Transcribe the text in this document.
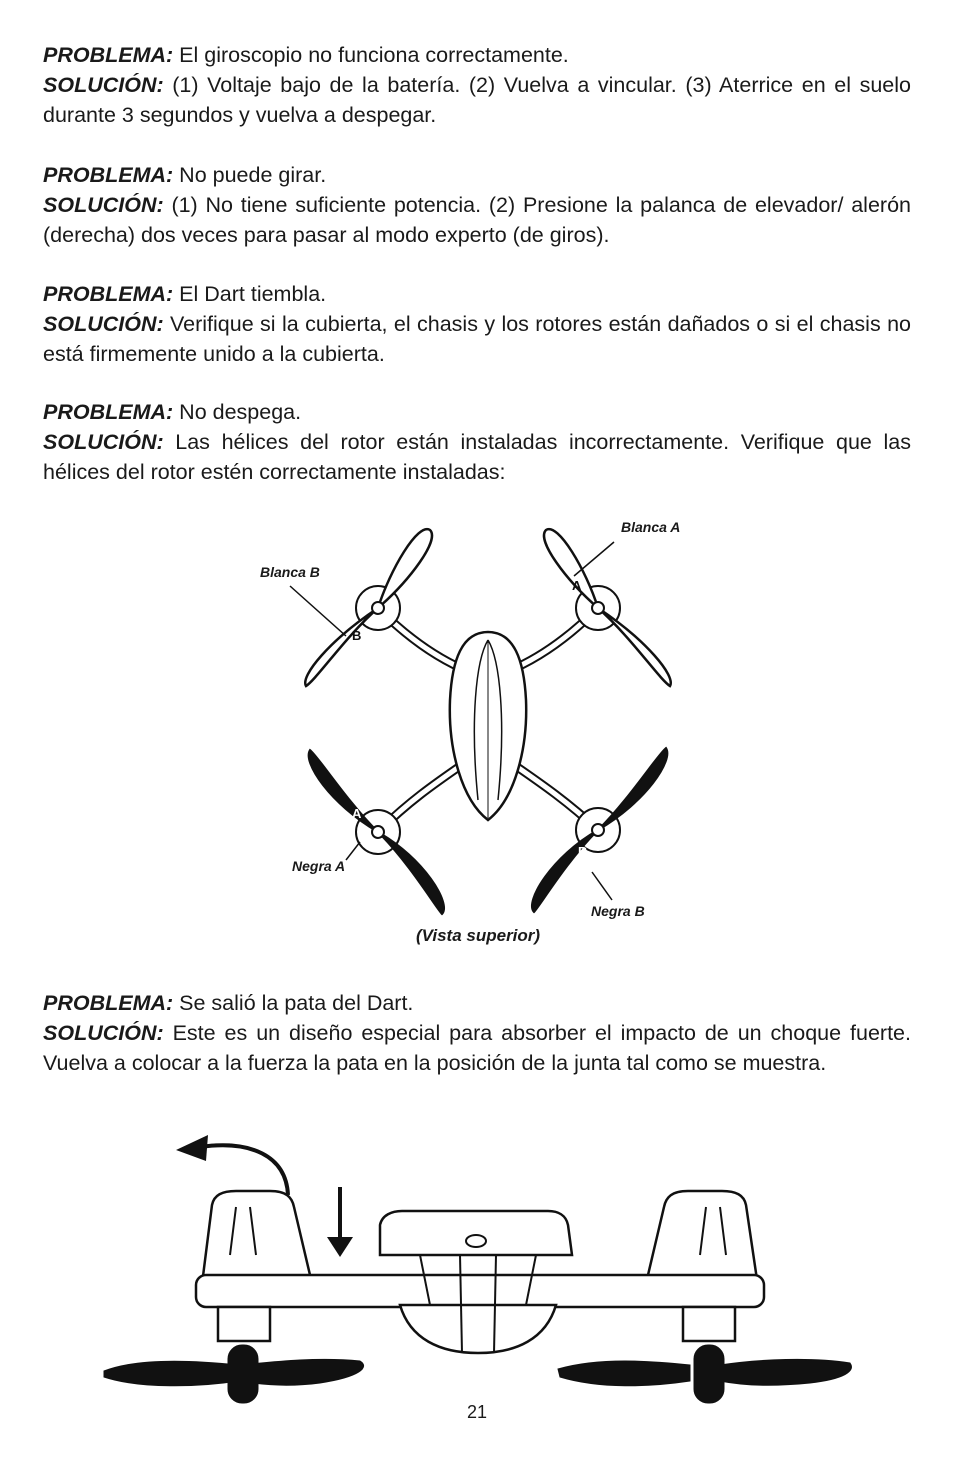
PROBLEMA: El giroscopio no funciona correctamente.
SOLUCIÓN: (1) Voltaje bajo de la batería. (2) Vuelva a vincular. (3) Aterrice en el suelo durante 3 segundos y vuelva a despegar.
PROBLEMA: No puede girar.
SOLUCIÓN: (1) No tiene suficiente potencia. (2) Presione la palanca de elevador/ alerón (derecha) dos veces para pasar al modo experto (de giros).
PROBLEMA: El Dart tiembla.
SOLUCIÓN: Verifique si la cubierta, el chasis y los rotores están dañados o si el chasis no está firmemente unido a la cubierta.
PROBLEMA: No despega.
SOLUCIÓN: Las hélices del rotor están instaladas incorrectamente. Verifique que las hélices del rotor estén correctamente instaladas:
B
A
A
B
Blanca A
Blanca B
Negra A
Negra B
(Vista superior)
PROBLEMA: Se salió la pata del Dart.
SOLUCIÓN: Este es un diseño especial para absorber el impacto de un choque fuerte. Vuelva a colocar a la fuerza la pata en la posición de la junta tal como se muestra.
21
